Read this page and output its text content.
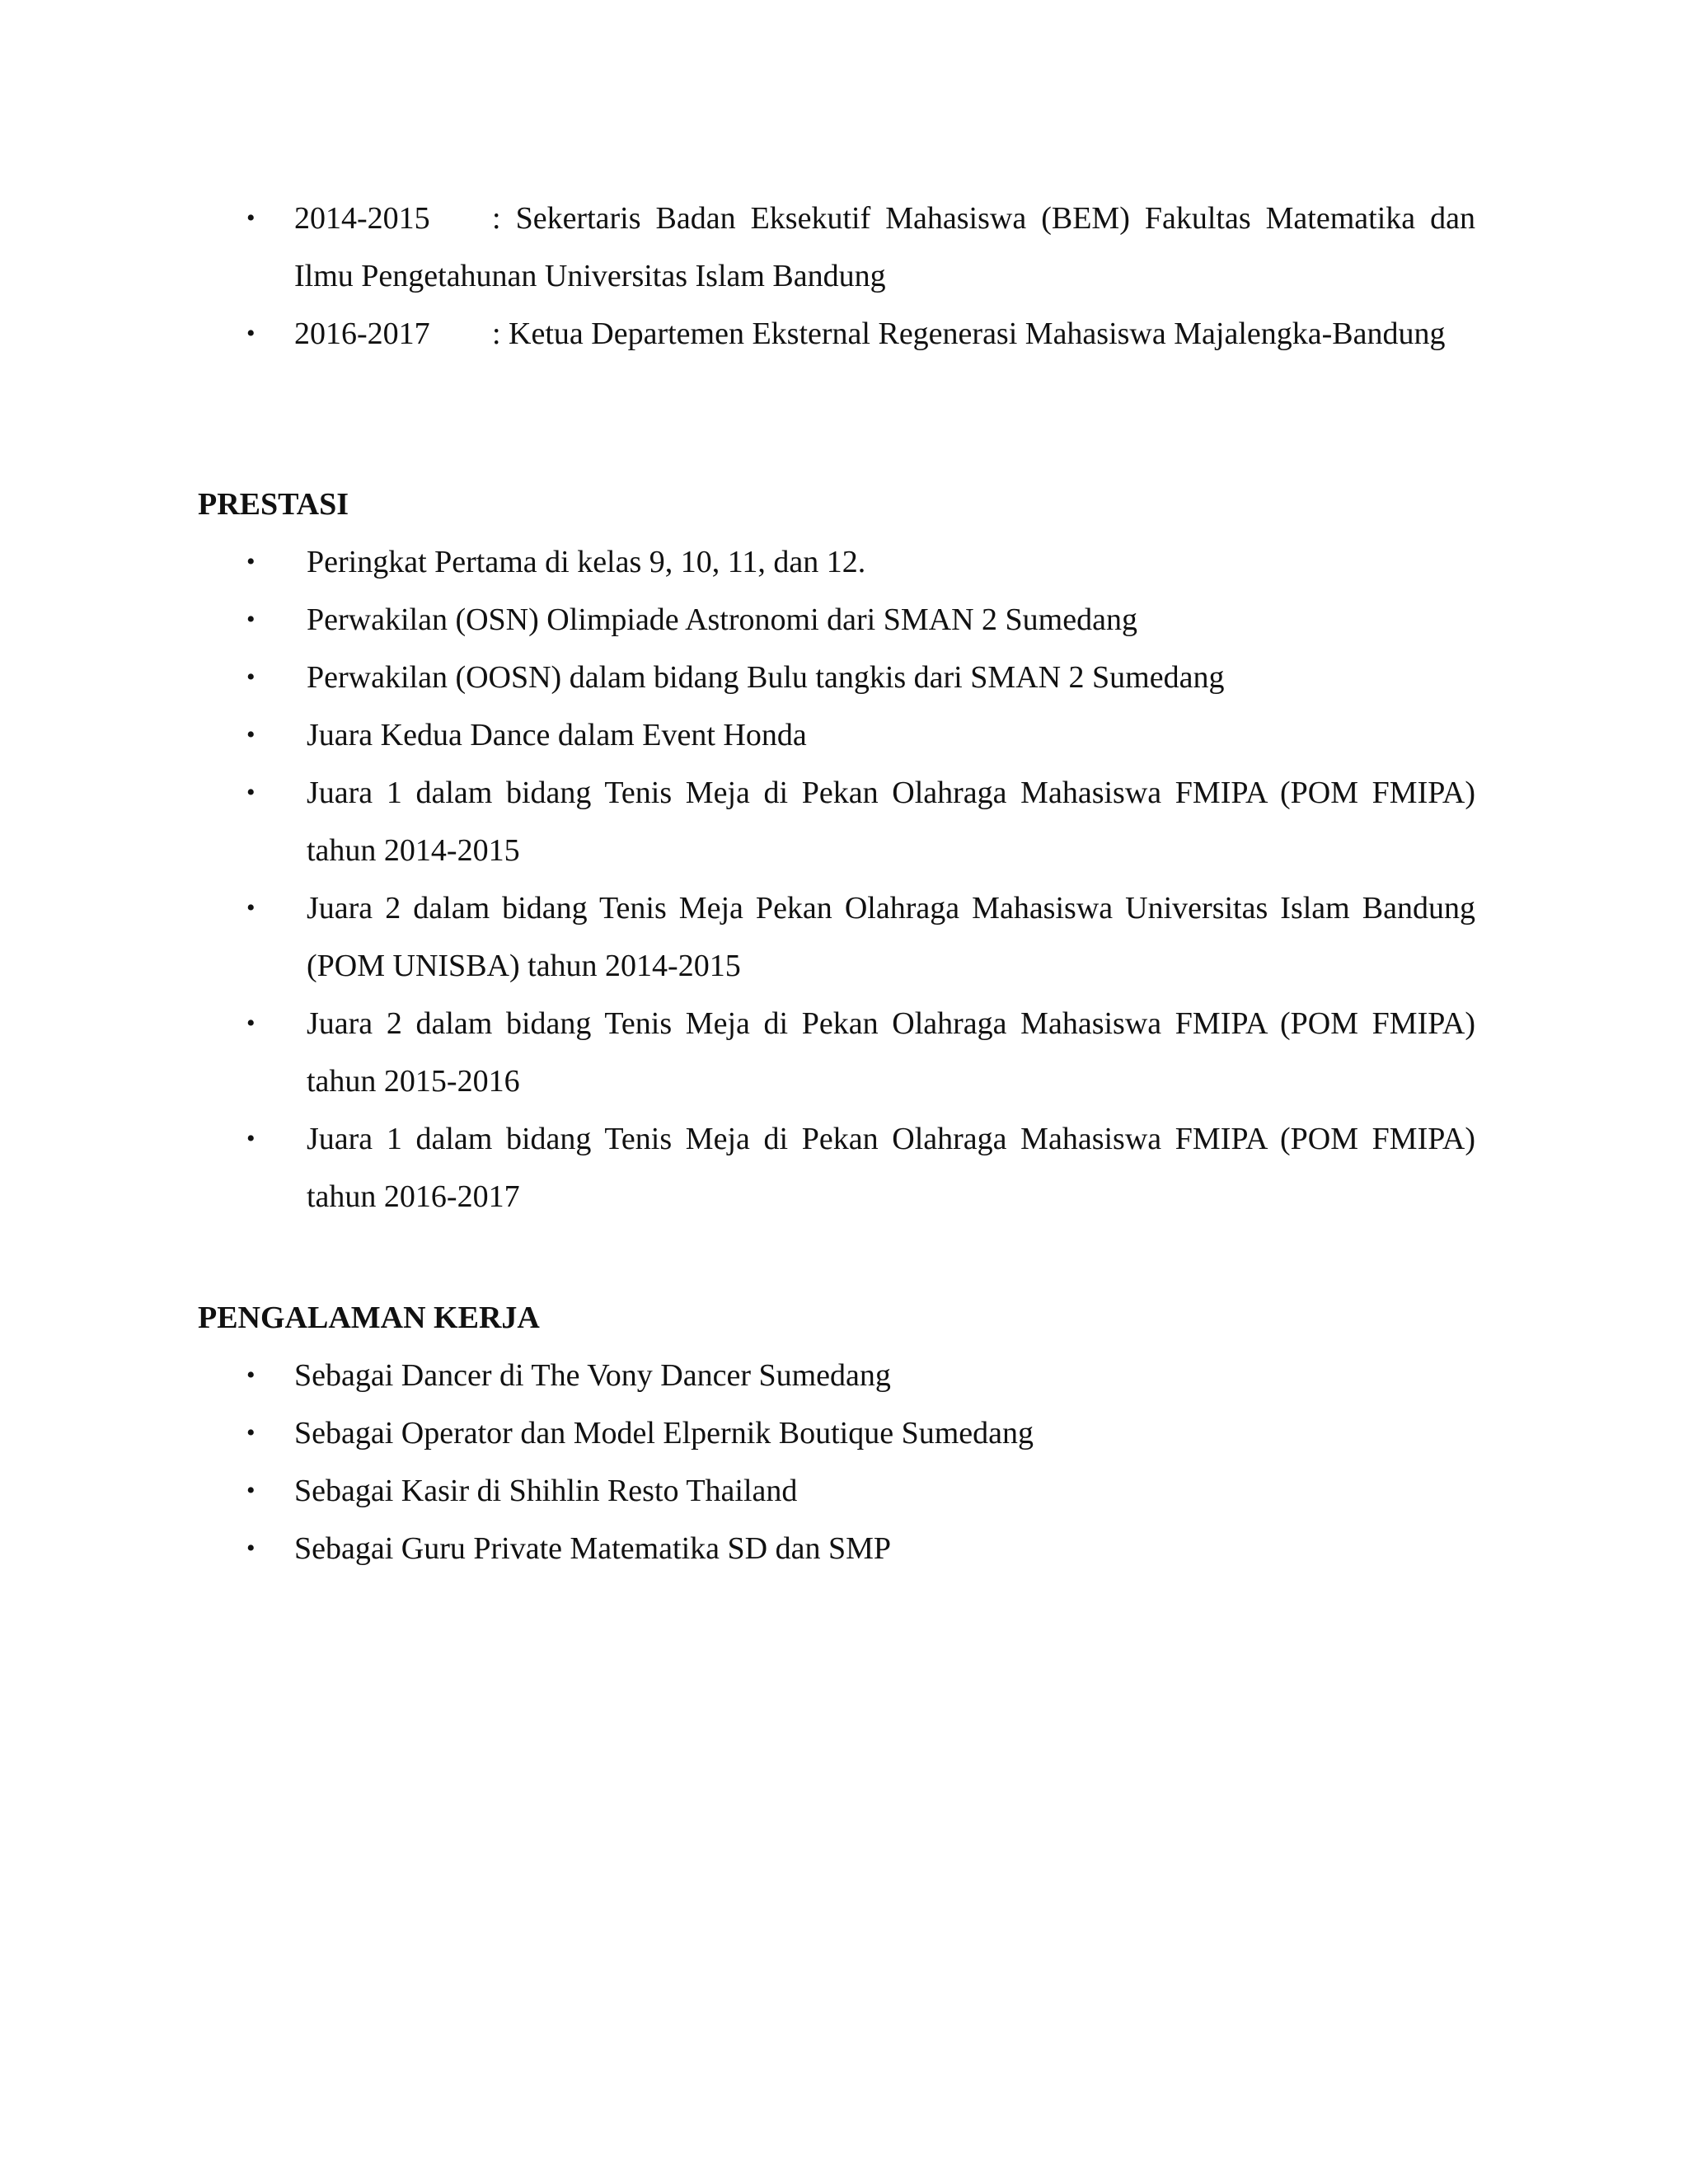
• 2014-2015 : Sekertaris Badan Eksekutif Mahasiswa (BEM) Fakultas Matematika dan Ilmu Pengetahunan Universitas Islam Bandung
• 2016-2017 : Ketua Departemen Eksternal Regenerasi Mahasiswa Majalengka-Bandung
PRESTASI
• Peringkat Pertama di kelas 9, 10, 11, dan 12.
• Perwakilan (OSN) Olimpiade Astronomi dari SMAN 2 Sumedang
• Perwakilan (OOSN) dalam bidang Bulu tangkis dari SMAN 2 Sumedang
• Juara Kedua Dance dalam Event Honda
• Juara 1 dalam bidang Tenis Meja di Pekan Olahraga Mahasiswa FMIPA (POM FMIPA) tahun 2014-2015
• Juara 2 dalam bidang Tenis Meja Pekan Olahraga Mahasiswa Universitas Islam Bandung (POM UNISBA) tahun 2014-2015
• Juara 2 dalam bidang Tenis Meja di Pekan Olahraga Mahasiswa FMIPA (POM FMIPA) tahun 2015-2016
• Juara 1 dalam bidang Tenis Meja di Pekan Olahraga Mahasiswa FMIPA (POM FMIPA) tahun 2016-2017
PENGALAMAN KERJA
• Sebagai Dancer di The Vony Dancer Sumedang
• Sebagai Operator dan Model Elpernik Boutique Sumedang
• Sebagai Kasir di Shihlin Resto Thailand
• Sebagai Guru Private Matematika SD dan SMP
